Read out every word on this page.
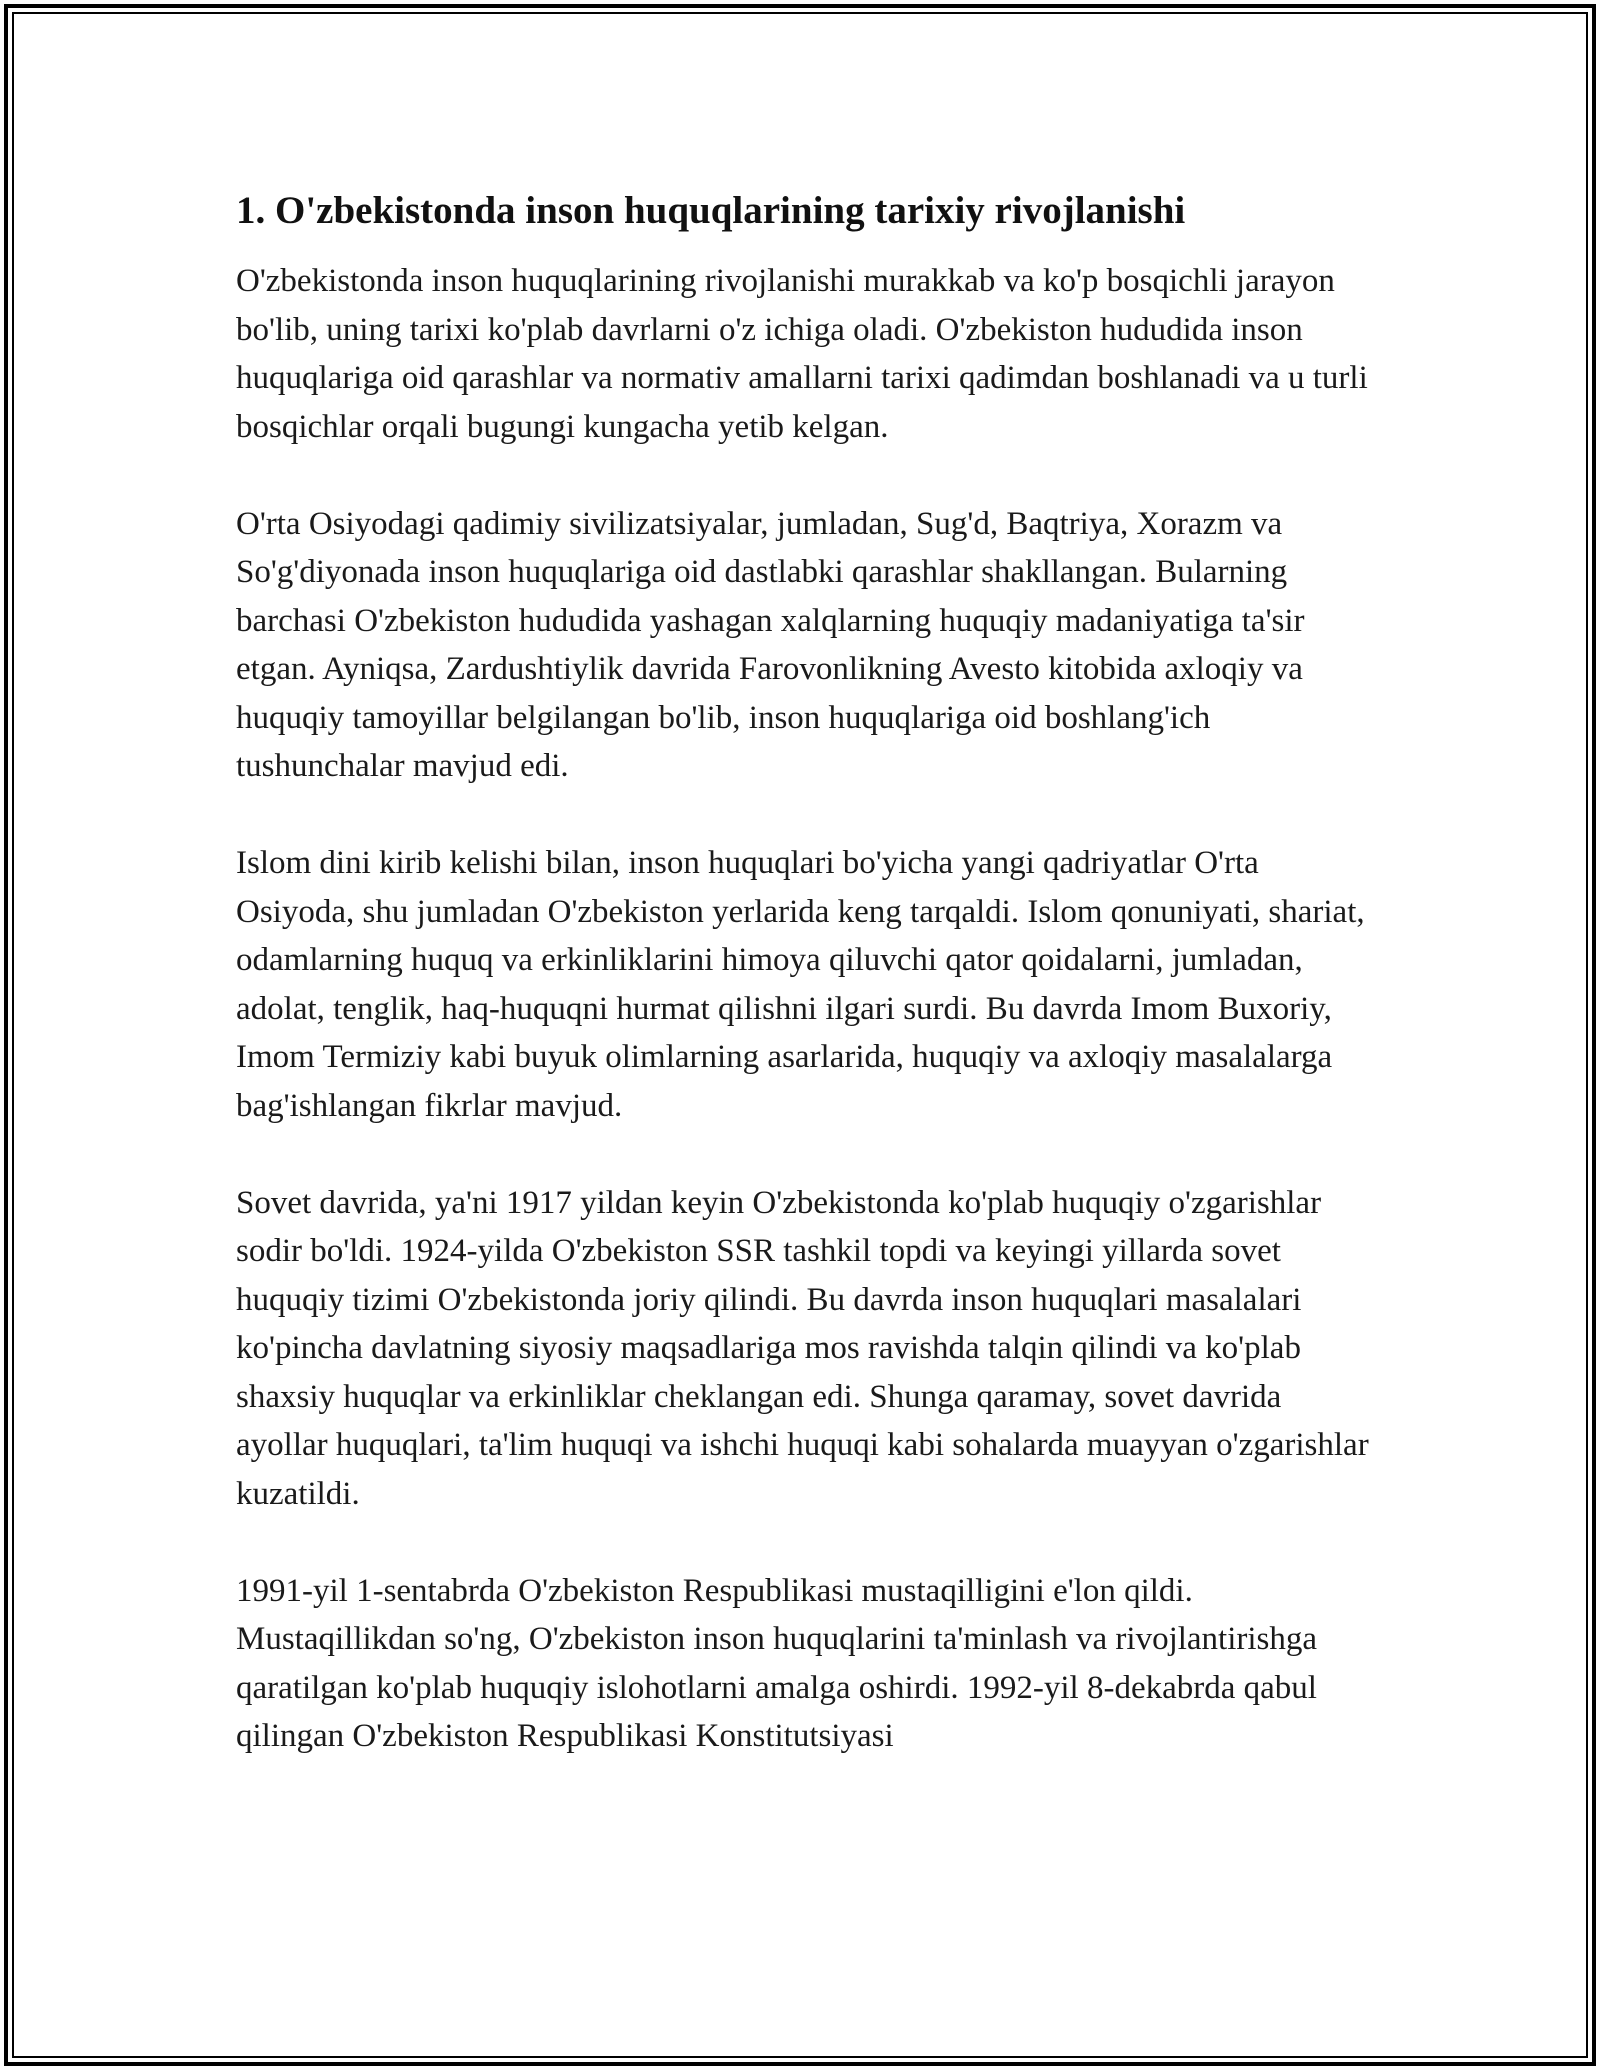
1. O'zbekistonda inson huquqlarining tarixiy rivojlanishi

O'zbekistonda inson huquqlarining rivojlanishi murakkab va ko'p bosqichli jarayon bo'lib, uning tarixi ko'plab davrlarni o'z ichiga oladi. O'zbekiston hududida inson huquqlariga oid qarashlar va normativ amallarni tarixi qadimdan boshlanadi va u turli bosqichlar orqali bugungi kungacha yetib kelgan.

O'rta Osiyodagi qadimiy sivilizatsiyalar, jumladan, Sug'd, Baqtriya, Xorazm va So'g'diyonada inson huquqlariga oid dastlabki qarashlar shakllangan. Bularning barchasi O'zbekiston hududida yashagan xalqlarning huquqiy madaniyatiga ta'sir etgan. Ayniqsa, Zardushtiylik davrida Farovonlikning Avesto kitobida axloqiy va huquqiy tamoyillar belgilangan bo'lib, inson huquqlariga oid boshlang'ich tushunchalar mavjud edi.

Islom dini kirib kelishi bilan, inson huquqlari bo'yicha yangi qadriyatlar O'rta Osiyoda, shu jumladan O'zbekiston yerlarida keng tarqaldi. Islom qonuniyati, shariat, odamlarning huquq va erkinliklarini himoya qiluvchi qator qoidalarni, jumladan, adolat, tenglik, haq-huquqni hurmat qilishni ilgari surdi. Bu davrda Imom Buxoriy, Imom Termiziy kabi buyuk olimlarning asarlarida, huquqiy va axloqiy masalalarga bag'ishlangan fikrlar mavjud.

Sovet davrida, ya'ni 1917 yildan keyin O'zbekistonda ko'plab huquqiy o'zgarishlar sodir bo'ldi. 1924-yilda O'zbekiston SSR tashkil topdi va keyingi yillarda sovet huquqiy tizimi O'zbekistonda joriy qilindi. Bu davrda inson huquqlari masalalari ko'pincha davlatning siyosiy maqsadlariga mos ravishda talqin qilindi va ko'plab shaxsiy huquqlar va erkinliklar cheklangan edi. Shunga qaramay, sovet davrida ayollar huquqlari, ta'lim huquqi va ishchi huquqi kabi sohalarda muayyan o'zgarishlar kuzatildi.

1991-yil 1-sentabrda O'zbekiston Respublikasi mustaqilligini e'lon qildi. Mustaqillikdan so'ng, O'zbekiston inson huquqlarini ta'minlash va rivojlantirishga qaratilgan ko'plab huquqiy islohotlarni amalga oshirdi. 1992-yil 8-dekabrda qabul qilingan O'zbekiston Respublikasi Konstitutsiyasi
